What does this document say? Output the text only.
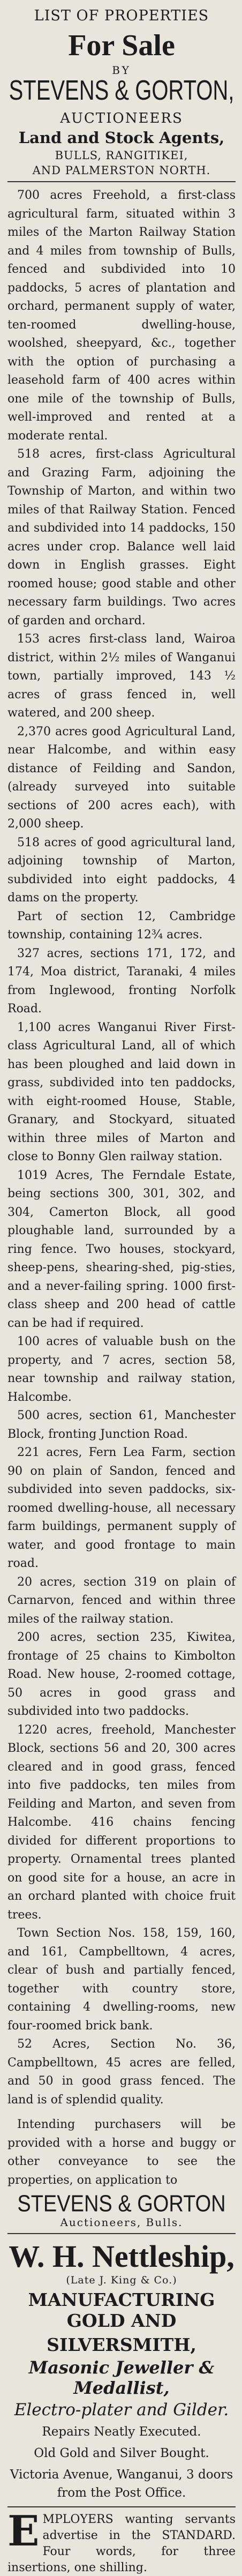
LIST OF PROPERTIES
For Sale
BY
STEVENS & GORTON,
AUCTIONEERS
Land and Stock Agents,
BULLS, RANGITIKEI,
AND PALMERSTON NORTH.

700 acres Freehold, a first-class agricultural farm, situated within 3 miles of the Marton Railway Station and 4 miles from township of Bulls, fenced and subdivided into 10 paddocks, 5 acres of plantation and orchard, permanent supply of water, ten-roomed dwelling-house, woolshed, sheepyard, &c., together with the option of purchasing a leasehold farm of 400 acres within one mile of the township of Bulls, well-improved and rented at a moderate rental.

518 acres, first-class Agricultural and Grazing Farm, adjoining the Township of Marton, and within two miles of that Railway Station. Fenced and subdivided into 14 paddocks, 150 acres under crop. Balance well laid down in English grasses. Eight roomed house; good stable and other necessary farm buildings. Two acres of garden and orchard.

153 acres first-class land, Wairoa district, within 2½ miles of Wanganui town, partially improved, 143 ½ acres of grass fenced in, well watered, and 200 sheep.

2,370 acres good Agricultural Land, near Halcombe, and within easy distance of Feilding and Sandon, (already surveyed into suitable sections of 200 acres each), with 2,000 sheep.

518 acres of good agricultural land, adjoining township of Marton, subdivided into eight paddocks, 4 dams on the property.

Part of section 12, Cambridge township, containing 12¾ acres.

327 acres, sections 171, 172, and 174, Moa district, Taranaki, 4 miles from Inglewood, fronting Norfolk Road.

1,100 acres Wanganui River First-class Agricultural Land, all of which has been ploughed and laid down in grass, subdivided into ten paddocks, with eight-roomed House, Stable, Granary, and Stockyard, situated within three miles of Marton and close to Bonny Glen railway station.

1019 Acres, The Ferndale Estate, being sections 300, 301, 302, and 304, Camerton Block, all good ploughable land, surrounded by a ring fence. Two houses, stockyard, sheep-pens, shearing-shed, pig-sties, and a never-failing spring. 1000 first-class sheep and 200 head of cattle can be had if required.

100 acres of valuable bush on the property, and 7 acres, section 58, near township and railway station, Halcombe.

500 acres, section 61, Manchester Block, fronting Junction Road.

221 acres, Fern Lea Farm, section 90 on plain of Sandon, fenced and subdivided into seven paddocks, six-roomed dwelling-house, all necessary farm buildings, permanent supply of water, and good frontage to main road.

20 acres, section 319 on plain of Carnarvon, fenced and within three miles of the railway station.

200 acres, section 235, Kiwitea, frontage of 25 chains to Kimbolton Road. New house, 2-roomed cottage, 50 acres in good grass and subdivided into two paddocks.

1220 acres, freehold, Manchester Block, sections 56 and 20, 300 acres cleared and in good grass, fenced into five paddocks, ten miles from Feilding and Marton, and seven from Halcombe. 416 chains fencing divided for different proportions to property. Ornamental trees planted on good site for a house, an acre in an orchard planted with choice fruit trees.

Town Section Nos. 158, 159, 160, and 161, Campbelltown, 4 acres, clear of bush and partially fenced, together with country store, containing 4 dwelling-rooms, new four-roomed brick bank.

52 Acres, Section No. 36, Campbelltown, 45 acres are felled, and 50 in good grass fenced. The land is of splendid quality.

Intending purchasers will be provided with a horse and buggy or other conveyance to see the properties, on application to
STEVENS & GORTON
Auctioneers, Bulls.
W. H. Nettleship,
(Late J. King & Co.)
MANUFACTURING GOLD AND
SILVERSMITH,
Masonic Jeweller & Medallist,
Electro-plater and Gilder.
Repairs Neatly Executed.
Old Gold and Silver Bought.
Victoria Avenue, Wanganui, 3 doors from the Post Office.
E MPLOYERS wanting servants advertise in the STANDARD. Four words, for three insertions, one shilling.
